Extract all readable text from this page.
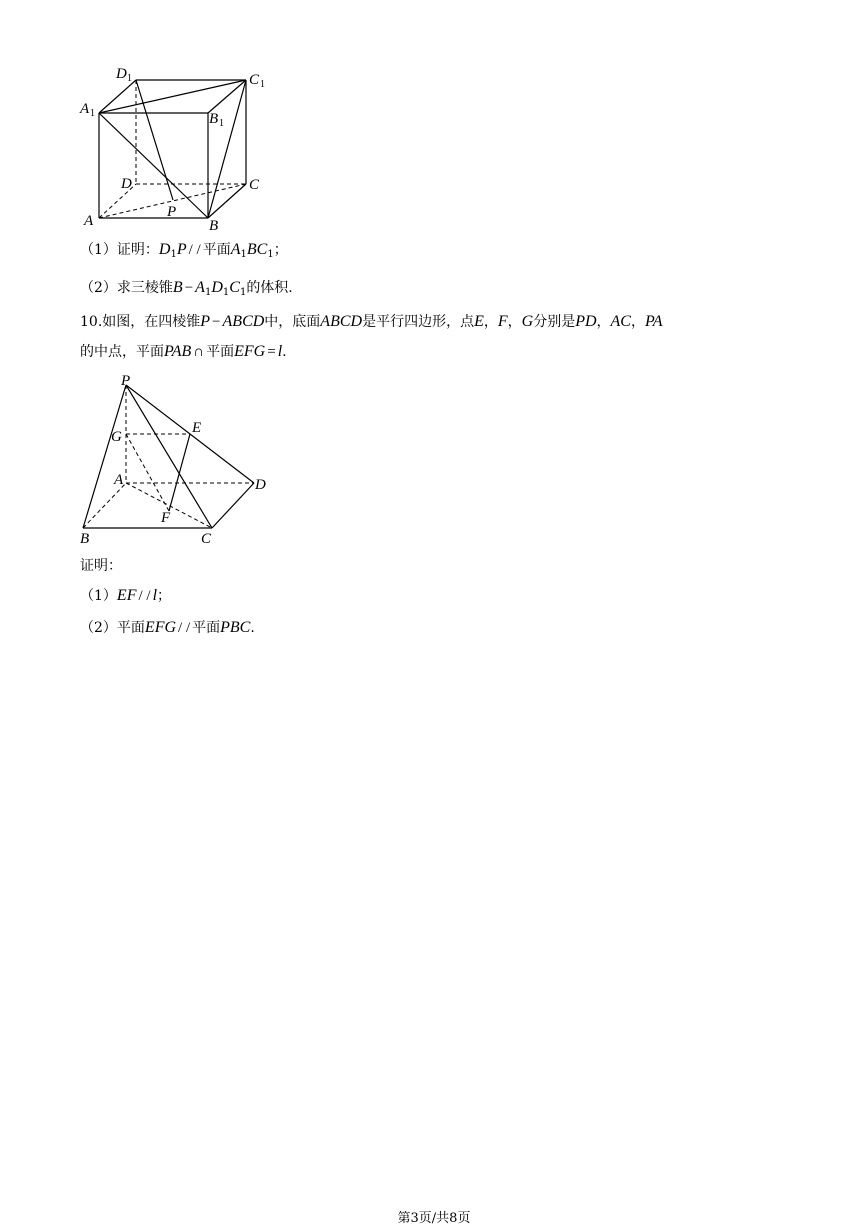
D 1	C 1
A 1	B 1
D	C
A
P
B
（1）证明：$D_1P$ / / 平面$A_1BC_1$；
（2）求三棱锥$B - A_1D_1C_1$的体积.
10.如图，在四棱锥P − ABCD中，底面ABCD是平行四边形，点E，F，G分别是PD，AC，PA
的中点，平面PAB ∩ 平面EFG = l.
P
E
G
A	D
F
B	C
证明：
（1）EF / / l；
（2）平面EFG / / 平面PBC.
第3页/共8页
